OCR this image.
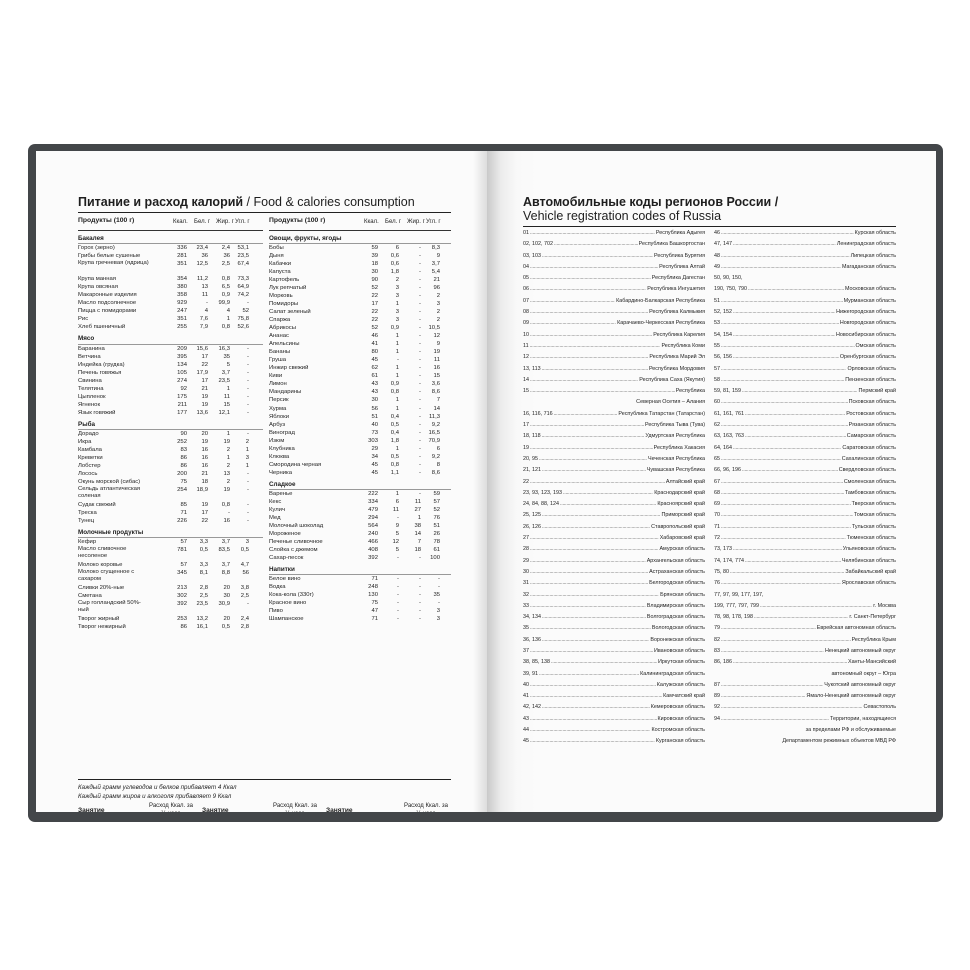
Питание и расход калорий / Food & calories consumption
Продукты (100 г)	Ккал. Бел. г Жир. г Угл. г
Бакалея
Горох (зерно)	336	23,4	2,4	53,1
Грибы белые сушеные	281	36	36	23,5
Крупа гречневая (ядрица)	351	12,5	2,5	67,4
Крупа манная	354	11,2	0,8	73,3
Крупа овсяная	380	13	6,5	64,9
Макаронные изделия	358	11	0,9	74,2
Масло подсолнечное	929	-	99,9	-
Пицца с помидорами	247	4	4	52
Рис	351	7,6	1	75,8
Хлеб пшеничный	255	7,9	0,8	52,6
Мясо
Баранина	209	15,6	16,3	-
Ветчина	395	17	35	-
Индейка (грудка)	134	22	5	-
Печень говяжья	105	17,9	3,7	-
Свинина	274	17	23,5	-
Телятина	92	21	1	-
Цыпленок	175	19	11	-
Ягненок	211	19	15	-
Язык говяжий	177	13,6	12,1	-
Рыба
Дорадо	90	20	1	-
Икра	252	19	19	2
Камбала	83	16	2	1
Креветки	86	16	1	3
Лобстер	86	16	2	1
Лосось	200	21	13	-
Окунь морской (сибас)	75	18	2	-
Сельдь атлантическая соленая
254	18,9	19	-
Судак свежий	85	19	0,8	-
Треска	71	17	-	-
Тунец	226	22	16	-
Молочные продукты
Кефир	57	3,3	3,7	3
Масло сливочное несоленое
781	0,5	83,5	0,5
Молоко коровье	57	3,3	3,7	4,7
Молоко сгущенное с сахаром
345	8,1	8,8	56
Сливки 20%-ные	213	2,8	20	3,8
Сметана	302	2,5	30	2,5
Сыр голландский 50%-ный
392	23,5	30,9	-
Творог жирный	253	13,2	20	2,4
Творог нежирный	86	16,1	0,5	2,8
Продукты (100 г)	Ккал. Бел. г Жир. г Угл. г
Овощи, фрукты, ягоды
Бобы	59	6	-	8,3
Дыня	39	0,6	-	9
Кабачки	18	0,6	-	3,7
Капуста	30	1,8	-	5,4
Картофель	90	2	-	21
Лук репчатый	52	3	-	96
Морковь	22	3	-	2
Помидоры	17	1	-	3
Салат зеленый	22	3	-	2
Спаржа	22	3	-	2
Абрикосы	52	0,9	-	10,5
Ананас	46	1	-	12
Апельсины	41	1	-	9
Бананы	80	1	-	19
Груша	45	-	-	11
Инжир свежий	62	1	-	16
Киви	61	1	-	15
Лимон	43	0,9	-	3,6
Мандарины	43	0,8	-	8,6
Персик	30	1	-	7
Хурма	56	1	-	14
Яблоки	51	0,4	-	11,3
Арбуз	40	0,5	-	9,2
Виноград	73	0,4	-	16,5
Изюм	303	1,8	-	70,9
Клубника	29	1	-	6
Клюква	34	0,5	-	9,2
Смородина черная	45	0,8	-	8
Черника	45	1,1	-	8,6
Сладкое
Варенье	222	1	-	59
Кекс	334	6	11	57
Кулич	479	11	27	52
Мед	294	-	1	76
Молочный шоколад	564	9	38	51
Мороженое	240	5	14	26
Печенье сливочное	466	12	7	78
Слойка с джемом	408	5	18	61
Сахар-песок	392	-	-	100
Напитки
Белое вино	71	-	-	-
Водка	248	-	-	-
Кока-кола (330г)	130	-	-	35
Красное вино	75	-	-	-
Пиво	47	-	-	3
Шампанское	71	-	-	3
Каждый грамм углеводов и белков прибавляет 4 Ккал
Каждый грамм жиров и алкоголя прибавляет 9 Ккал
Занятие
Расход Ккал. за
Занятие
Расход Ккал. за
Занятие
Расход Ккал. за
Автомобильные коды регионов России /
Vehicle registration codes of Russia
01 .....	Республика Адыгея
02, 102, 702 .....	Республика Башкортостан
03, 103 .....	Республика Бурятия
04 .....	Республика Алтай
05 .....	Республика Дагестан
06 .....	Республика Ингушетия
07 .....	Кабардино-Балкарская Республика
08 .....	Республика Калмыкия
09 .....	Карачаево-Черкесская Республика
10 .....	Республика Карелия
11 .....	Республика Коми
12 .....	Республика Марий Эл
13, 113 .....	Республика Мордовия
14 .....	Республика Саха (Якутия)
15 .....	Республика
Северная Осетия – Алания
16, 116, 716 .....	Республика Татарстан (Татарстан)
17 .....	Республика Тыва (Тува)
18, 118 .....	Удмуртская Республика
19 .....	Республика Хакасия
20, 95 .....	Чеченская Республика
21, 121 .....	Чувашская Республика
22 .....	Алтайский край
23, 93, 123, 193 .....	Краснодарский край
24, 84, 88, 124 .....	Красноярский край
25, 125 .....	Приморский край
26, 126 .....	Ставропольский край
27 .....	Хабаровский край
28 .....	Амурская область
29 .....	Архангельская область
30 .....	Астраханская область
31 .....	Белгородская область
32 .....	Брянская область
33 .....	Владимирская область
34, 134 .....	Волгоградская область
35 .....	Вологодская область
36, 136 .....	Воронежская область
37 .....	Ивановская область
38, 85, 138 .....	Иркутская область
39, 91 .....	Калининградская область
40 .....	Калужская область
41 .....	Камчатский край
42, 142 .....	Кемеровская область
43 .....	Кировская область
44 .....	Костромская область
45 .....	Курганская область
46 .....	Курская область
47, 147 .....	Ленинградская область
48 .....	Липецкая область
49 .....	Магаданская область
50, 90, 150,
190, 750, 790 .....	Московская область
51 .....	Мурманская область
52, 152 .....	Нижегородская область
53 .....	Новгородская область
54, 154 .....	Новосибирская область
55 .....	Омская область
56, 156 .....	Оренбургская область
57 .....	Орловская область
58 .....	Пензенская область
59, 81, 159 .....	Пермский край
60 .....	Псковская область
61, 161, 761 .....	Ростовская область
62 .....	Рязанская область
63, 163, 763 .....	Самарская область
64, 164 .....	Саратовская область
65 .....	Сахалинская область
66, 96, 196 .....	Свердловская область
67 .....	Смоленская область
68 .....	Тамбовская область
69 .....	Тверская область
70 .....	Томская область
71 .....	Тульская область
72 .....	Тюменская область
73, 173 .....	Ульяновская область
74, 174, 774 .....	Челябинская область
75, 80 .....	Забайкальский край
76 .....	Ярославская область
77, 97, 99, 177, 197,
199, 777, 797, 799 .....	г. Москва
78, 98, 178, 198 .....	г. Санкт-Петербург
79 .....	Еврейская автономная область
82 .....	Республика Крым
83 .....	Ненецкий автономный округ
86, 186 .....	Ханты-Мансийский
автономный округ – Югра
87 .....	Чукотский автономный округ
89 .....	Ямало-Ненецкий автономный округ
92 .....	Севастополь
94 .....	Территории, находящиеся
за пределами РФ и обслуживаемые
Департаментом режимных объектов МВД РФ
